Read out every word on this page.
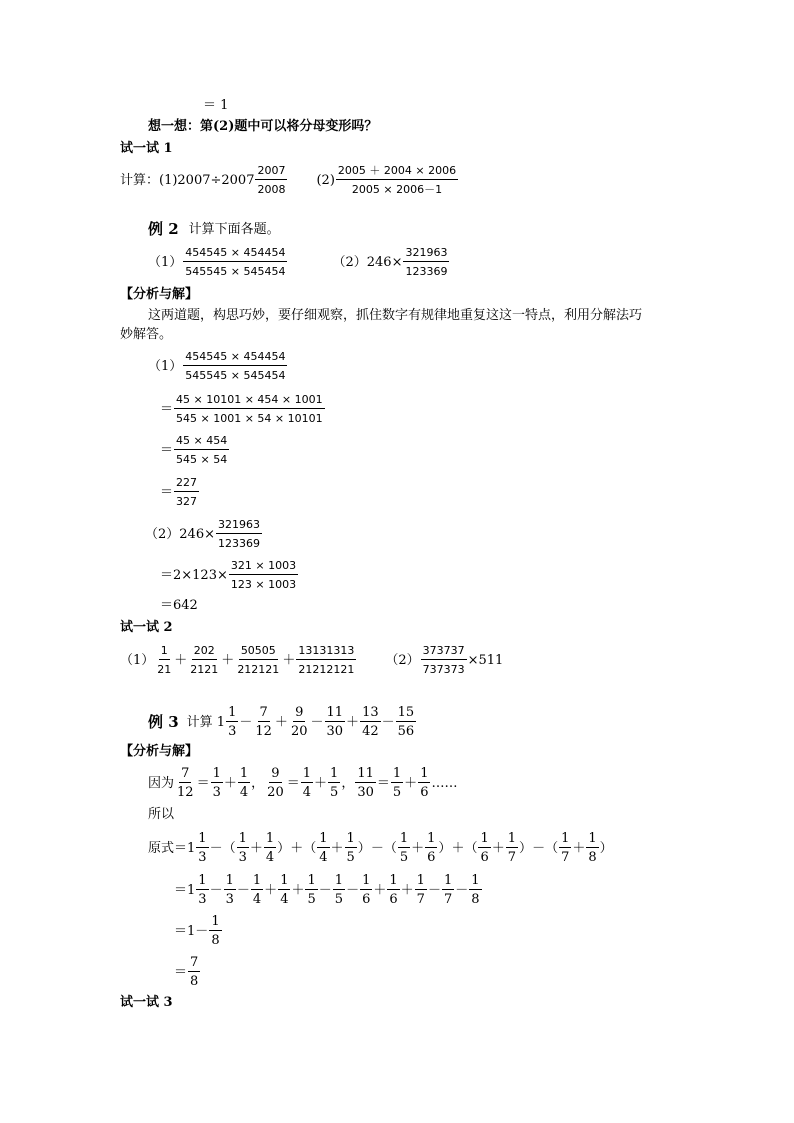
＝ 1
想一想： 第(2)题中可以将分母变形吗？
试一试 1
计算：$(1)2007\div 2007 \frac{2007}{2008} (2) \frac{2005 + 2004 \times 2006}{2005 \times 2006-1}$
例 2 计算下面各题。
$(1) \frac{454545 \times 454454}{545545 \times 545454}$	$(2)246\times \frac{321963}{123369}$
【分析与解】
这两道题，构思巧妙，要仔细观察，抓住数字有规律地重复这这一特点，利用分解法巧
妙解答。
$(1) \frac{454545 \times 454454}{545545 \times 545454}$
＝ $\frac{45 \times 10101 \times 454 \times 1001}{545 \times 1001 \times 54 \times 10101}$
＝ $\frac{45 \times 454}{545 \times 54}$
＝ $\frac{227}{327}$
$(2)246\times \frac{321963}{123369}$
$=2\times 123\times \frac{321 \times 1003}{123 \times 1003}$
＝642
试一试 2
$(1) \frac{1}{21} + \frac{202}{2121} + \frac{50505}{212121} + \frac{13131313}{21212121} (2) \frac{373737}{737373} \times 511$
例 3 计算 $1 \frac{1}{3} - \frac{7}{12} + \frac{9}{20} - \frac{11}{30} + \frac{13}{42} - \frac{15}{56}$
【分析与解】
因为 $\frac{7}{12} = \frac{1}{3} + \frac{1}{4}$ ， $\frac{9}{20} = \frac{1}{4} + \frac{1}{5}$ ， $\frac{11}{30} = \frac{1}{5} + \frac{1}{6}$ ……
所以
原式$=1 \frac{1}{3}$ － （ $\frac{1}{3} + \frac{1}{4}$ ） ＋ （ $\frac{1}{4} + \frac{1}{5}$ ） － （ $\frac{1}{5} + \frac{1}{6}$ ） ＋ （ $\frac{1}{6} + \frac{1}{7}$ ） － （ $\frac{1}{7} + \frac{1}{8}$ ）
＝ $1 \frac{1}{3} - \frac{1}{3} - \frac{1}{4} + \frac{1}{4} + \frac{1}{5} - \frac{1}{5} - \frac{1}{6} + \frac{1}{6} + \frac{1}{7} - \frac{1}{7} - \frac{1}{8}$
＝ $1 - \frac{1}{8}$
＝ $\frac{7}{8}$
试一试 3
